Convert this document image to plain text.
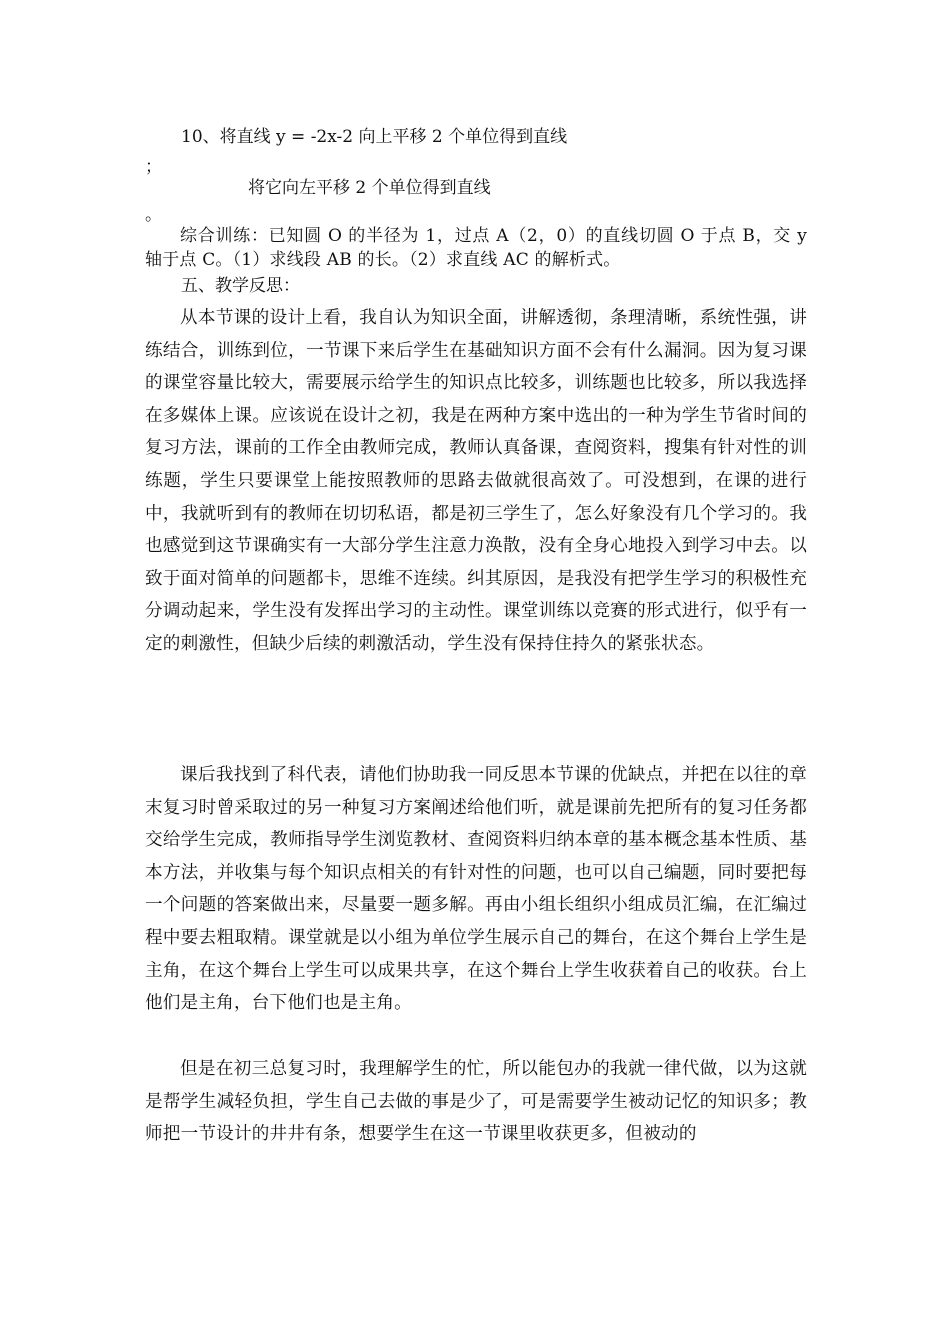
10、将直线 y = -2x-2 向上平移 2 个单位得到直线
；
将它向左平移 2 个单位得到直线
。
综合训练：已知圆 O 的半径为 1，过点 A（2，0）的直线切圆 O 于点 B，交 y 轴于点 C。（1）求线段 AB 的长。（2）求直线 AC 的解析式。
五、教学反思：
从本节课的设计上看，我自认为知识全面，讲解透彻，条理清晰，系统性强，讲练结合，训练到位，一节课下来后学生在基础知识方面不会有什么漏洞。因为复习课的课堂容量比较大，需要展示给学生的知识点比较多，训练题也比较多，所以我选择在多媒体上课。应该说在设计之初，我是在两种方案中选出的一种为学生节省时间的复习方法，课前的工作全由教师完成，教师认真备课，查阅资料，搜集有针对性的训练题，学生只要课堂上能按照教师的思路去做就很高效了。可没想到，在课的进行中，我就听到有的教师在切切私语，都是初三学生了，怎么好象没有几个学习的。我也感觉到这节课确实有一大部分学生注意力涣散，没有全身心地投入到学习中去。以致于面对简单的问题都卡，思维不连续。纠其原因，是我没有把学生学习的积极性充分调动起来，学生没有发挥出学习的主动性。课堂训练以竞赛的形式进行，似乎有一定的刺激性，但缺少后续的刺激活动，学生没有保持住持久的紧张状态。
课后我找到了科代表，请他们协助我一同反思本节课的优缺点，并把在以往的章末复习时曾采取过的另一种复习方案阐述给他们听，就是课前先把所有的复习任务都交给学生完成，教师指导学生浏览教材、查阅资料归纳本章的基本概念基本性质、基本方法，并收集与每个知识点相关的有针对性的问题，也可以自己编题，同时要把每一个问题的答案做出来，尽量要一题多解。再由小组长组织小组成员汇编，在汇编过程中要去粗取精。课堂就是以小组为单位学生展示自己的舞台，在这个舞台上学生是主角，在这个舞台上学生可以成果共享，在这个舞台上学生收获着自己的收获。台上他们是主角，台下他们也是主角。
但是在初三总复习时，我理解学生的忙，所以能包办的我就一律代做，以为这就是帮学生减轻负担，学生自己去做的事是少了，可是需要学生被动记忆的知识多；教师把一节设计的井井有条，想要学生在这一节课里收获更多，但被动的
